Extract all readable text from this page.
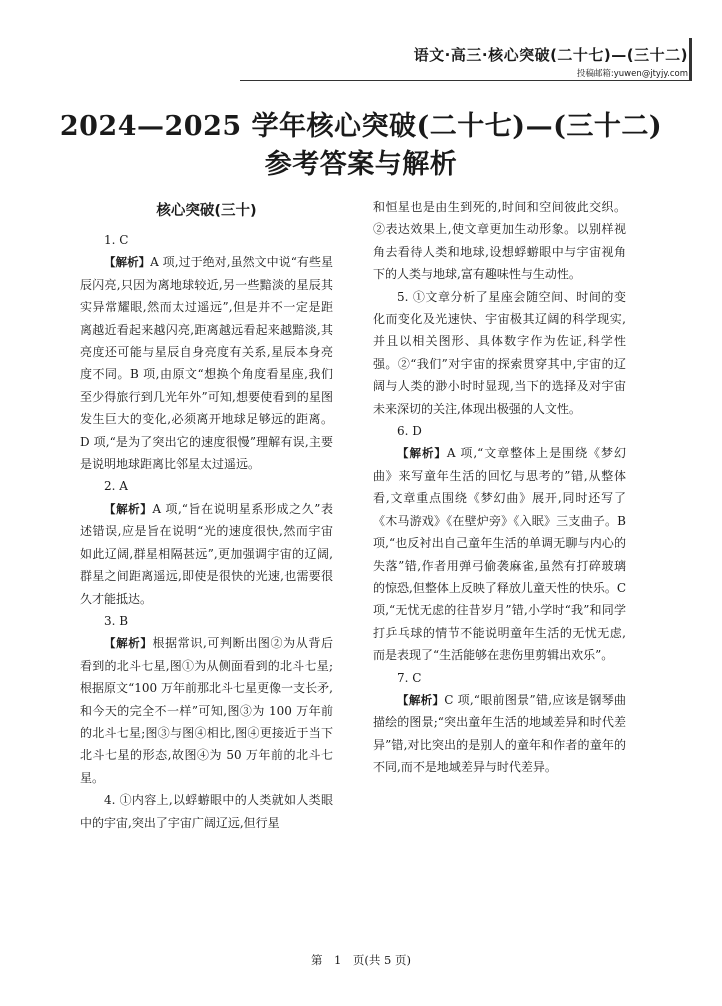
语文·高三·核心突破(二十七)—(三十二)
投稿邮箱:yuwen@jtyjy.com
2024—2025 学年核心突破(二十七)—(三十二)
参考答案与解析
核心突破(三十)

1. C

【解析】A 项,过于绝对,虽然文中说“有些星辰闪亮,只因为离地球较近,另一些黯淡的星辰其实异常耀眼,然而太过遥远”,但是并不一定是距离越近看起来越闪亮,距离越远看起来越黯淡,其亮度还可能与星辰自身亮度有关系,星辰本身亮度不同。B 项,由原文“想换个角度看星座,我们至少得旅行到几光年外”可知,想要使看到的星图发生巨大的变化,必须离开地球足够远的距离。D 项,“是为了突出它的速度很慢”理解有误,主要是说明地球距离比邻星太过遥远。

2. A

【解析】A 项,“旨在说明星系形成之久”表述错误,应是旨在说明“光的速度很快,然而宇宙如此辽阔,群星相隔甚远”,更加强调宇宙的辽阔,群星之间距离遥远,即使是很快的光速,也需要很久才能抵达。

3. B

【解析】根据常识,可判断出图②为从背后看到的北斗七星,图①为从侧面看到的北斗七星;根据原文“100 万年前那北斗七星更像一支长矛,和今天的完全不一样”可知,图③为 100 万年前的北斗七星;图③与图④相比,图④更接近于当下北斗七星的形态,故图④为 50 万年前的北斗七星。

4. ①内容上,以蜉蝣眼中的人类就如人类眼中的宇宙,突出了宇宙广阔辽远,但行星

和恒星也是由生到死的,时间和空间彼此交织。②表达效果上,使文章更加生动形象。以别样视角去看待人类和地球,设想蜉蝣眼中与宇宙视角下的人类与地球,富有趣味性与生动性。

5. ①文章分析了星座会随空间、时间的变化而变化及光速快、宇宙极其辽阔的科学现实,并且以相关图形、具体数字作为佐证,科学性强。②“我们”对宇宙的探索贯穿其中,宇宙的辽阔与人类的渺小时时显现,当下的选择及对宇宙未来深切的关注,体现出极强的人文性。

6. D

【解析】A 项,“文章整体上是围绕《梦幻曲》来写童年生活的回忆与思考的”错,从整体看,文章重点围绕《梦幻曲》展开,同时还写了《木马游戏》《在壁炉旁》《入眠》三支曲子。B 项,“也反衬出自己童年生活的单调无聊与内心的失落”错,作者用弹弓偷袭麻雀,虽然有打碎玻璃的惊恐,但整体上反映了释放儿童天性的快乐。C 项,“无忧无虑的往昔岁月”错,小学时“我”和同学打乒乓球的情节不能说明童年生活的无忧无虑,而是表现了“生活能够在悲伤里剪辑出欢乐”。

7. C

【解析】C 项,“眼前图景”错,应该是钢琴曲描绘的图景;“突出童年生活的地域差异和时代差异”错,对比突出的是别人的童年和作者的童年的不同,而不是地域差异与时代差异。

第　1　页(共 5 页)
